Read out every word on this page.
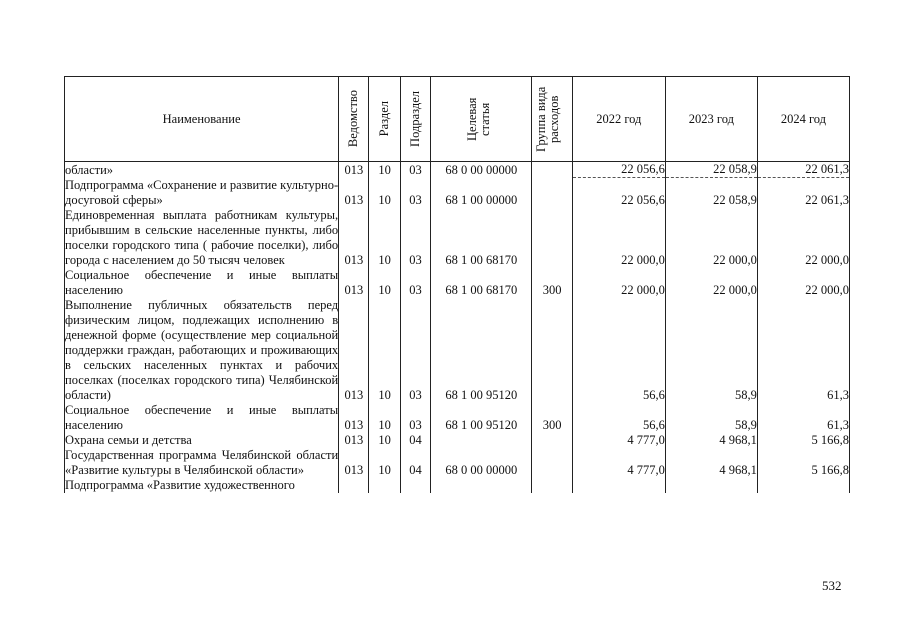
Наименование	Ведомство	Раздел	Подраздел	Целевая статья	Группа вида расходов	2022 год	2023 год	2024 год
области»	013	10	03	68 0 00 00000		22 056,6	22 058,9	22 061,3
Подпрограмма «Сохранение и развитие культурно-досуговой сферы»	013	10	03	68 1 00 00000		22 056,6	22 058,9	22 061,3
Единовременная выплата работникам культуры, прибывшим в сельские населенные пункты, либо поселки городского типа ( рабочие поселки), либо города с населением до 50 тысяч человек	013	10	03	68 1 00 68170		22 000,0	22 000,0	22 000,0
Социальное обеспечение и иные выплаты населению	013	10	03	68 1 00 68170	300	22 000,0	22 000,0	22 000,0
Выполнение публичных обязательств перед физическим лицом, подлежащих исполнению в денежной форме (осуществление мер социальной поддержки граждан, работающих и проживающих в сельских населенных пунктах и рабочих поселках (поселках городского типа) Челябинской области)	013	10	03	68 1 00 95120		56,6	58,9	61,3
Социальное обеспечение и иные выплаты населению	013	10	03	68 1 00 95120	300	56,6	58,9	61,3
Охрана семьи и детства	013	10	04			4 777,0	4 968,1	5 166,8
Государственная программа Челябинской области «Развитие культуры в Челябинской области»	013	10	04	68 0 00 00000		4 777,0	4 968,1	5 166,8
Подпрограмма «Развитие художественного								
532
